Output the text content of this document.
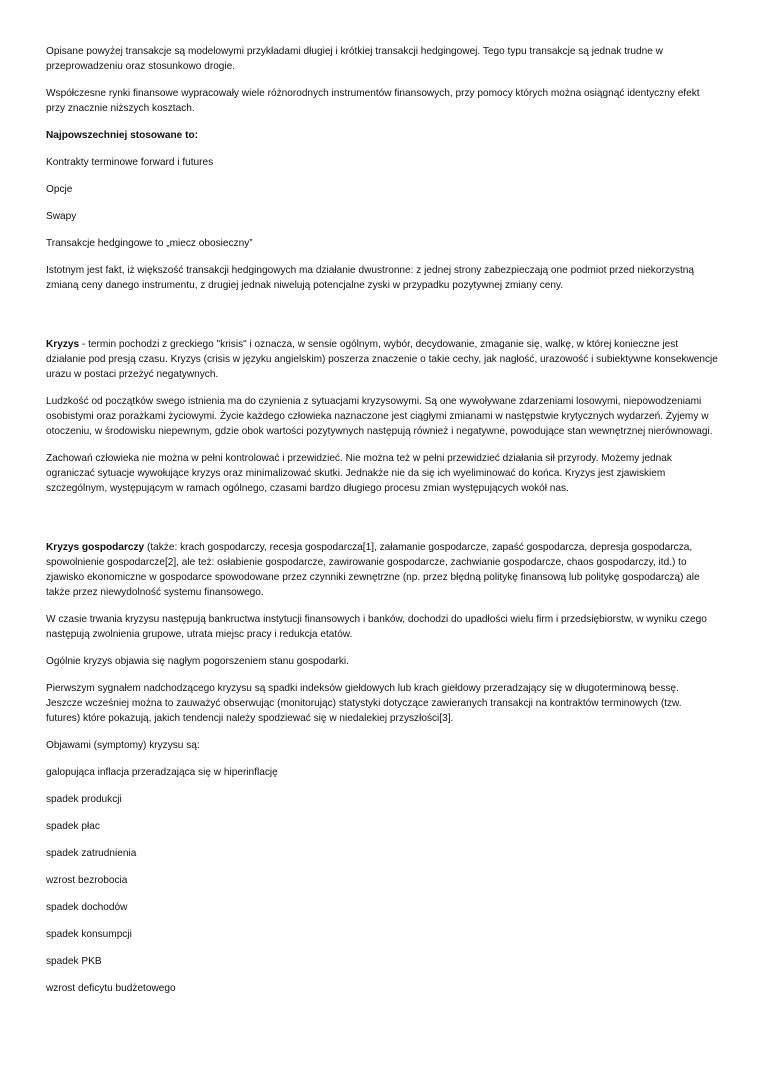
Opisane powyżej transakcje są modelowymi przykładami długiej i krótkiej transakcji hedgingowej. Tego typu transakcje są jednak trudne w przeprowadzeniu oraz stosunkowo drogie.

Współczesne rynki finansowe wypracowały wiele różnorodnych instrumentów finansowych, przy pomocy których można osiągnąć identyczny efekt przy znacznie niższych kosztach.

Najpowszechniej stosowane to:

Kontrakty terminowe forward i futures

Opcje

Swapy

Transakcje hedgingowe to „miecz obosieczny”

Istotnym jest fakt, iż większość transakcji hedgingowych ma działanie dwustronne: z jednej strony zabezpieczają one podmiot przed niekorzystną zmianą ceny danego instrumentu, z drugiej jednak niwelują potencjalne zyski w przypadku pozytywnej zmiany ceny.

Kryzys - termin pochodzi z greckiego "krisis" i oznacza, w sensie ogólnym, wybór, decydowanie, zmaganie się, walkę, w której konieczne jest działanie pod presją czasu. Kryzys (crisis w języku angielskim) poszerza znaczenie o takie cechy, jak nagłość, urazowość i subiektywne konsekwencje urazu w postaci przeżyć negatywnych.

Ludzkość od początków swego istnienia ma do czynienia z sytuacjami kryzysowymi. Są one wywoływane zdarzeniami losowymi, niepowodzeniami osobistymi oraz porażkami życiowymi. Życie każdego człowieka naznaczone jest ciągłymi zmianami w następstwie krytycznych wydarzeń. Żyjemy w otoczeniu, w środowisku niepewnym, gdzie obok wartości pozytywnych następują również i negatywne, powodujące stan wewnętrznej nierównowagi.

Zachowań człowieka nie można w pełni kontrolować i przewidzieć. Nie można też w pełni przewidzieć działania sił przyrody. Możemy jednak ograniczać sytuacje wywołujące kryzys oraz minimalizować skutki. Jednakże nie da się ich wyeliminować do końca. Kryzys jest zjawiskiem szczególnym, występującym w ramach ogólnego, czasami bardzo długiego procesu zmian występujących wokół nas.

Kryzys gospodarczy (także: krach gospodarczy, recesja gospodarcza[1], załamanie gospodarcze, zapaść gospodarcza, depresja gospodarcza, spowolnienie gospodarcze[2], ale też: osłabienie gospodarcze, zawirowanie gospodarcze, zachwianie gospodarcze, chaos gospodarczy, itd.) to zjawisko ekonomiczne w gospodarce spowodowane przez czynniki zewnętrzne (np. przez błędną politykę finansową lub politykę gospodarczą) ale także przez niewydolność systemu finansowego.

W czasie trwania kryzysu następują bankructwa instytucji finansowych i banków, dochodzi do upadłości wielu firm i przedsiębiorstw, w wyniku czego następują zwolnienia grupowe, utrata miejsc pracy i redukcja etatów.

Ogólnie kryzys objawia się nagłym pogorszeniem stanu gospodarki.

Pierwszym sygnałem nadchodzącego kryzysu są spadki indeksów giełdowych lub krach giełdowy przeradzający się w długoterminową bessę. Jeszcze wcześniej można to zauważyć obserwując (monitorując) statystyki dotyczące zawieranych transakcji na kontraktów terminowych (tzw. futures) które pokazują, jakich tendencji należy spodziewać się w niedalekiej przyszłości[3].

Objawami (symptomy) kryzysu są:

galopująca inflacja przeradzająca się w hiperinflację

spadek produkcji

spadek płac

spadek zatrudnienia

wzrost bezrobocia

spadek dochodów

spadek konsumpcji

spadek PKB

wzrost deficytu budżetowego
